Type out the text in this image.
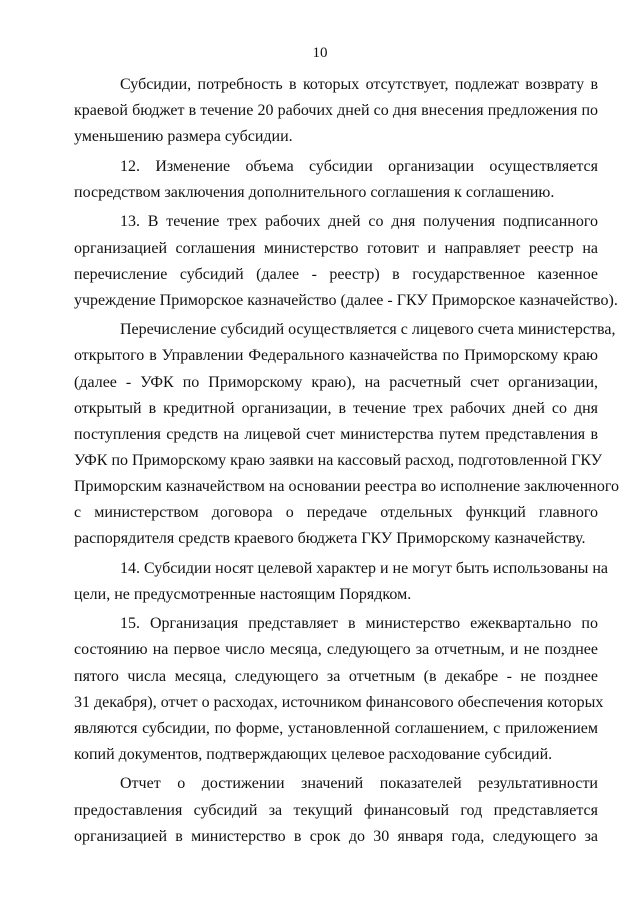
10
Субсидии, потребность в которых отсутствует, подлежат возврату в
краевой бюджет в течение 20 рабочих дней со дня внесения предложения по
уменьшению размера субсидии.
12. Изменение объема субсидии организации осуществляется
посредством заключения дополнительного соглашения к соглашению.
13. В течение трех рабочих дней со дня получения подписанного
организацией соглашения министерство готовит и направляет реестр на
перечисление субсидий (далее - реестр) в государственное казенное
учреждение Приморское казначейство (далее - ГКУ Приморское казначейство).
Перечисление субсидий осуществляется с лицевого счета министерства,
открытого в Управлении Федерального казначейства по Приморскому краю
(далее - УФК по Приморскому краю), на расчетный счет организации,
открытый в кредитной организации, в течение трех рабочих дней со дня
поступления средств на лицевой счет министерства путем представления в
УФК по Приморскому краю заявки на кассовый расход, подготовленной ГКУ
Приморским казначейством на основании реестра во исполнение заключенного
с министерством договора о передаче отдельных функций главного
распорядителя средств краевого бюджета ГКУ Приморскому казначейству.
14. Субсидии носят целевой характер и не могут быть использованы на
цели, не предусмотренные настоящим Порядком.
15. Организация представляет в министерство ежеквартально по
состоянию на первое число месяца, следующего за отчетным, и не позднее
пятого числа месяца, следующего за отчетным (в декабре - не позднее
31 декабря), отчет о расходах, источником финансового обеспечения которых
являются субсидии, по форме, установленной соглашением, с приложением
копий документов, подтверждающих целевое расходование субсидий.
Отчет о достижении значений показателей результативности
предоставления субсидий за текущий финансовый год представляется
организацией в министерство в срок до 30 января года, следующего за
